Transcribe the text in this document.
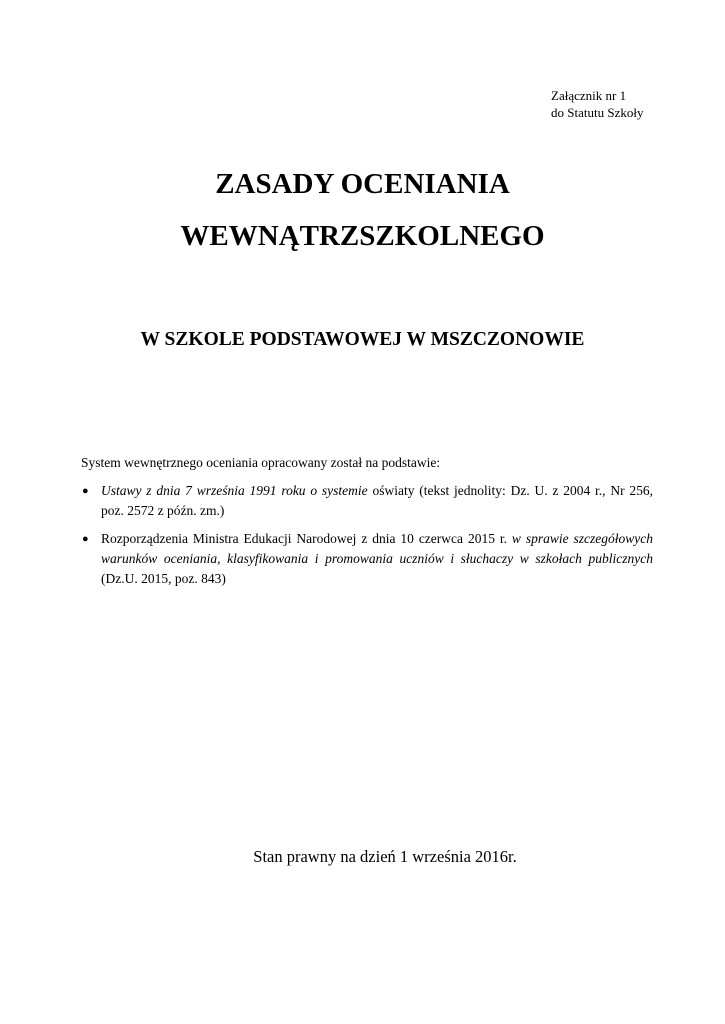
Załącznik nr 1
do Statutu Szkoły
ZASADY OCENIANIA
WEWNĄTRZSZKOLNEGO
W SZKOLE PODSTAWOWEJ W MSZCZONOWIE
System wewnętrznego oceniania opracowany został na podstawie:
● Ustawy z dnia 7 września 1991 roku o systemie oświaty (tekst jednolity: Dz. U. z 2004 r., Nr 256, poz. 2572 z późn. zm.)
● Rozporządzenia Ministra Edukacji Narodowej z dnia 10 czerwca 2015 r. w sprawie szczegółowych warunków oceniania, klasyfikowania i promowania uczniów i słuchaczy w szkołach publicznych (Dz.U. 2015, poz. 843)
Stan prawny na dzień 1 września 2016r.
